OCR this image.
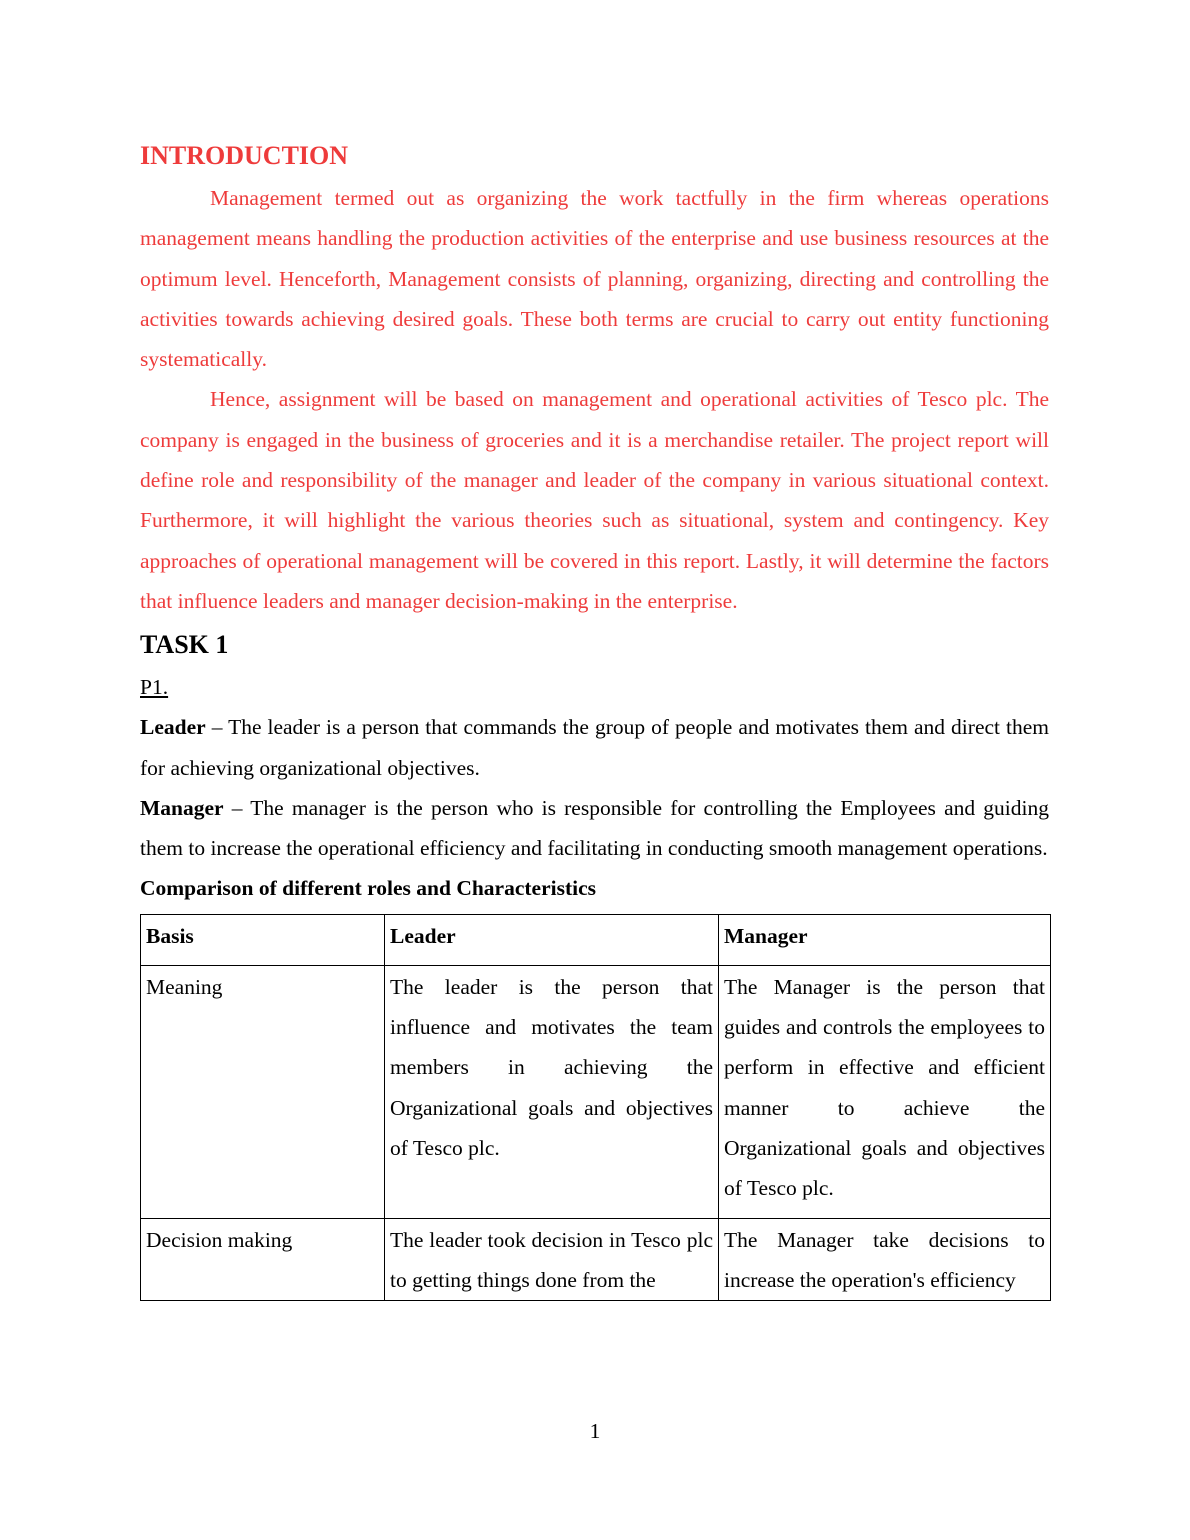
INTRODUCTION

Management termed out as organizing the work tactfully in the firm whereas operations management means handling the production activities of the enterprise and use business resources at the optimum level. Henceforth, Management consists of planning, organizing, directing and controlling the activities towards achieving desired goals. These both terms are crucial to carry out entity functioning systematically.

Hence, assignment will be based on management and operational activities of Tesco plc. The company is engaged in the business of groceries and it is a merchandise retailer. The project report will define role and responsibility of the manager and leader of the company in various situational context. Furthermore, it will highlight the various theories such as situational, system and contingency. Key approaches of operational management will be covered in this report. Lastly, it will determine the factors that influence leaders and manager decision-making in the enterprise.

TASK 1

P1.

Leader – The leader is a person that commands the group of people and motivates them and direct them for achieving organizational objectives.

Manager – The manager is the person who is responsible for controlling the Employees and guiding them to increase the operational efficiency and facilitating in conducting smooth management operations.

Comparison of different roles and Characteristics

Basis	Leader	Manager
Meaning	The leader is the person that influence and motivates the team members in achieving the Organizational goals and objectives of Tesco plc.	The Manager is the person that guides and controls the employees to perform in effective and efficient manner to achieve the Organizational goals and objectives of Tesco plc.
Decision making	The leader took decision in Tesco plc to getting things done from the	The Manager take decisions to increase the operation's efficiency
1
